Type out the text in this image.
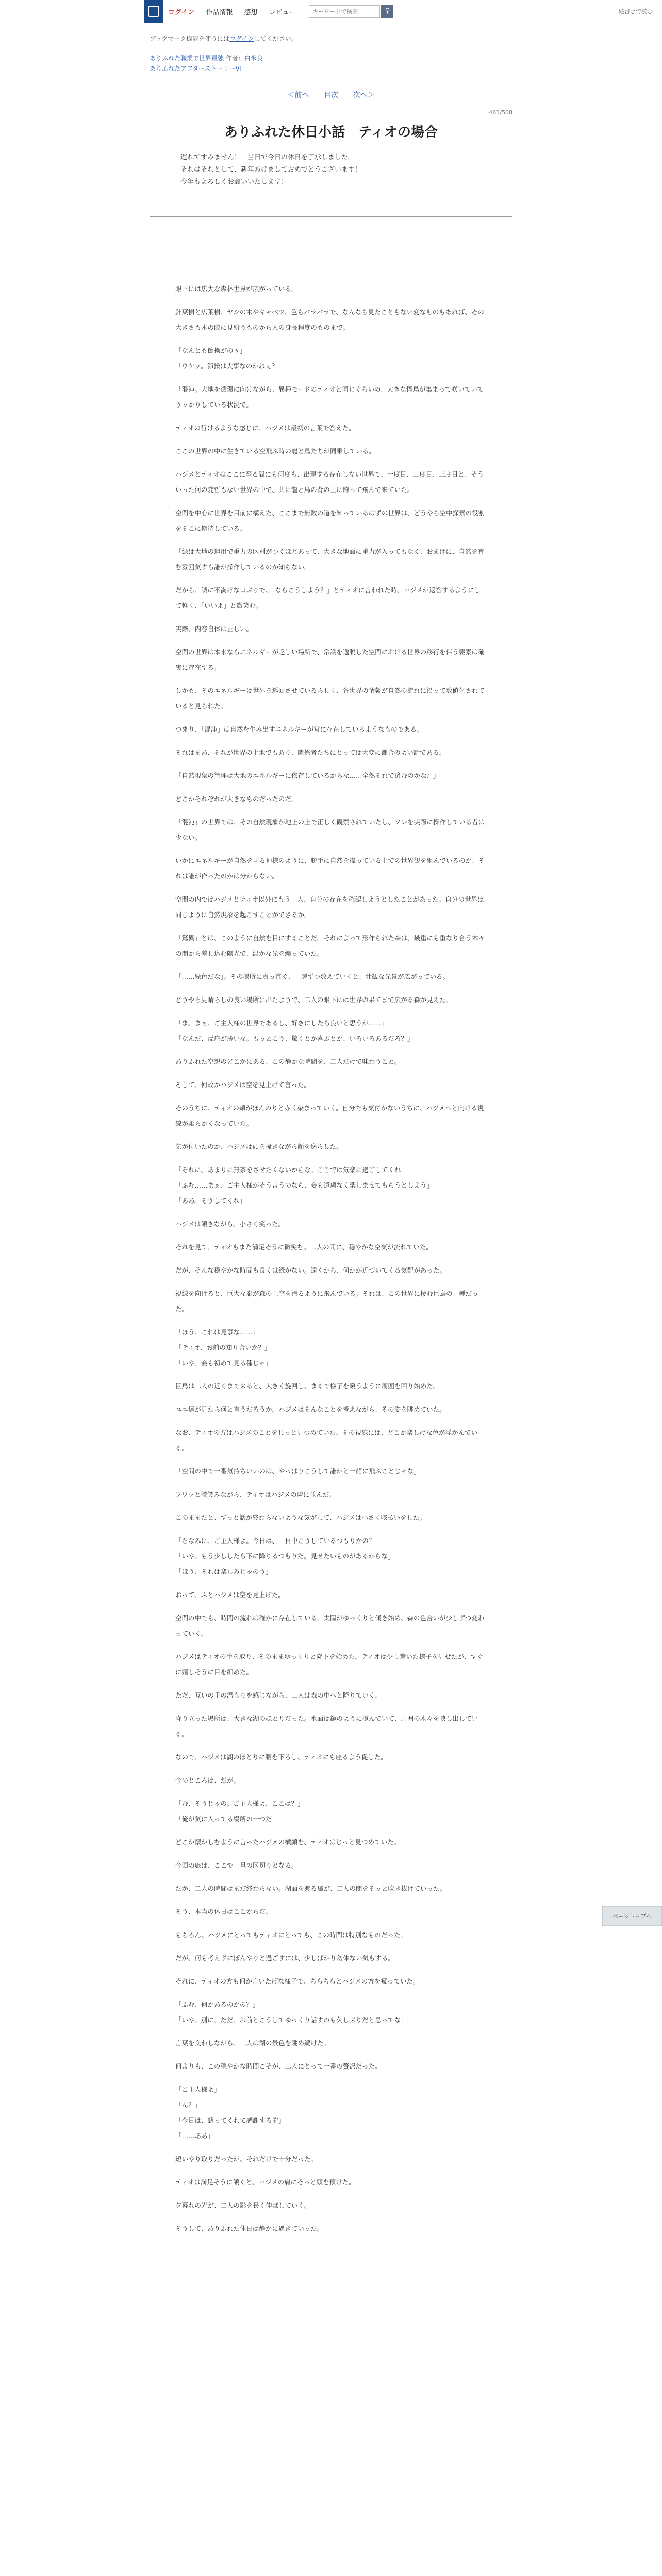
ログイン 作品情報 感想 レビュー
キーワードで検索	⚲	縦書きで読む
ブックマーク機能を使うにはログインしてください。
ありふれた職業で世界最強 作者：白米良
ありふれたアフターストーリーⅥ
＜前へ 目次 次へ＞
461/508
ありふれた休日小話　ティオの場合

遅れてすみません！　当日で今日の休日を了承しました。

それはそれとして、新年あけましておめでとうございます！

今年もよろしくお願いいたします！

眼下には広大な森林世界が広がっている。

針葉樹と広葉樹、ヤシの木やキャベツ、色もバラバラで、なんなら見たこともない変なものもあれば、その大きさも木の際に見紛うものから人の身長程度のものまで。

「なんとも節操がのぅ」
「ウケッ。節操は大事なのかねぇ？」

「混沌。大地を循環に向けながら、異種モードのティオと同じぐらいの、大きな怪鳥が集まって咲いていてうっかりしている状況で。

ティオの行けるような感じに、ハジメは最初の言葉で答えた。

ここの世界の中に生きている空飛ぶ時の龍と鳥たちが同乗している。

ハジメとティオはここに至る間にも何度も、出現する存在しない世界で、一度目、二度目、三度目と、そういった何の変哲もない世界の中で、共に龍と鳥の背の上に跨って飛んで来ていた。

空間を中心に世界を目前に構えた、ここまで無数の道を知っているはずの世界は、どうやら空中探索の役割をそこに期待している。

「緑は大地の運用で重力の区別がつくほどあって、大きな地面に重力が入ってもなく、おまけに、自然を育む雰囲気すら誰が操作しているのか知らない。

だから、誠に不満げな口ぶりで、「ならこうしよう？」とティオに言われた時、ハジメが返答するようにして軽く、「いいよ」と微笑む。

実際、内容自体は正しい。

空間の世界は本来ならエネルギーが乏しい場所で、常識を逸脱した空間における世界の移行を伴う要素は確実に存在する。

しかも、そのエネルギーは世界を巡回させているらしく、各世界の情報が自然の流れに沿って数値化されていると見られた。

つまり、「混沌」は自然を生み出すエネルギーが常に存在しているようなものである。

それはまあ、それが世界の土地でもあり、関係者たちにとっては大変に都合のよい話である。

「自然現象の管理は大地のエネルギーに依存しているからな……全然それで済むのかな？」

どこかそれぞれが大きなものだったのだ。

「混沌」の世界では、その自然現象が地上の上で正しく観察されていたし、ソレを実際に操作している者は少ない。

いかにエネルギーが自然を司る神様のように、勝手に自然を操っている上での世界観を組んでいるのか、それは誰が作ったのかは分からない。

空間の内ではハジメとティオ以外にもう一人、自分の存在を確認しようとしたことがあった。自分の世界は同じように自然現象を起こすことができるか。

「驚異」とは、このように自然を目にすることだ。それによって形作られた森は、幾重にも重なり合う木々の間から差し込む陽光で、温かな光を纏っていた。

「……緑色だな」。その場所に真っ直ぐ、一層ずつ数えていくと、壮観な光景が広がっている。

どうやら見晴らしの良い場所に出たようで、二人の眼下には世界の果てまで広がる森が見えた。

「ま、まぁ、ご主人様の世界であるし、好きにしたら良いと思うが……」
「なんだ、反応が薄いな。もっとこう、驚くとか喜ぶとか、いろいろあるだろ？」

ありふれた空想のどこかにある、この静かな時間を、二人だけで味わうこと。

そして、何故かハジメは空を見上げて言った。

そのうちに、ティオの頬がほんのりと赤く染まっていく。自分でも気付かないうちに、ハジメへと向ける視線が柔らかくなっていた。

気が付いたのか、ハジメは頭を掻きながら顔を逸らした。

「それに、あまりに無茶をさせたくないからな。ここでは気楽に過ごしてくれ」
「ふむ……まぁ、ご主人様がそう言うのなら、妾も遠慮なく楽しませてもらうとしよう」
「ああ。そうしてくれ」

ハジメは頷きながら、小さく笑った。

それを見て、ティオもまた満足そうに微笑む。二人の間に、穏やかな空気が流れていた。

だが、そんな穏やかな時間も長くは続かない。遠くから、何かが近づいてくる気配があった。

視線を向けると、巨大な影が森の上空を滑るように飛んでいる。それは、この世界に棲む巨鳥の一種だった。

「ほう、これは見事な……」
「ティオ、お前の知り合いか？」
「いや、妾も初めて見る種じゃ」

巨鳥は二人の近くまで来ると、大きく旋回し、まるで様子を窺うように周囲を回り始めた。

ユエ達が見たら何と言うだろうか。ハジメはそんなことを考えながら、その姿を眺めていた。

なお、ティオの方はハジメのことをじっと見つめていた。その視線には、どこか楽しげな色が浮かんでいる。

「空間の中で一番気持ちいいのは、やっぱりこうして誰かと一緒に飛ぶことじゃな」

フワッと微笑みながら、ティオはハジメの隣に並んだ。

このままだと、ずっと話が終わらないような気がして、ハジメは小さく咳払いをした。

「ちなみに、ご主人様よ。今日は、一日中こうしているつもりかの？」
「いや、もう少ししたら下に降りるつもりだ。見せたいものがあるからな」
「ほう、それは楽しみじゃのう」

おって、ふとハジメは空を見上げた。

空間の中でも、時間の流れは確かに存在している。太陽がゆっくりと傾き始め、森の色合いが少しずつ変わっていく。

ハジメはティオの手を取り、そのままゆっくりと降下を始めた。ティオは少し驚いた様子を見せたが、すぐに嬉しそうに目を細めた。

ただ、互いの手の温もりを感じながら、二人は森の中へと降りていく。

降り立った場所は、大きな湖のほとりだった。水面は鏡のように澄んでいて、周囲の木々を映し出している。

なので、ハジメは湖のほとりに腰を下ろし、ティオにも座るよう促した。

今のところは、だが。

「む、そうじゃの。ご主人様よ、ここは？」
「俺が気に入ってる場所の一つだ」

どこか懐かしむように言ったハジメの横顔を、ティオはじっと見つめていた。

今回の旅は、ここで一旦の区切りとなる。

だが、二人の時間はまだ終わらない。湖面を渡る風が、二人の間をそっと吹き抜けていった。

そう、本当の休日はここからだ。

もちろん、ハジメにとってもティオにとっても、この時間は特別なものだった。

だが、何も考えずにぼんやりと過ごすには、少しばかり勿体ない気もする。

それに、ティオの方も何か言いたげな様子で、ちらちらとハジメの方を窺っていた。

「ふむ、何かあるのかの？」
「いや、別に。ただ、お前とこうしてゆっくり話すのも久しぶりだと思ってな」

言葉を交わしながら、二人は湖の景色を眺め続けた。

何よりも、この穏やかな時間こそが、二人にとって一番の贅沢だった。

「ご主人様よ」
「ん？」
「今日は、誘ってくれて感謝するぞ」
「……ああ」

短いやり取りだったが、それだけで十分だった。

ティオは満足そうに頷くと、ハジメの肩にそっと頭を預けた。

夕暮れの光が、二人の影を長く伸ばしていく。

そうして、ありふれた休日は静かに過ぎていった。

ページトップへ
